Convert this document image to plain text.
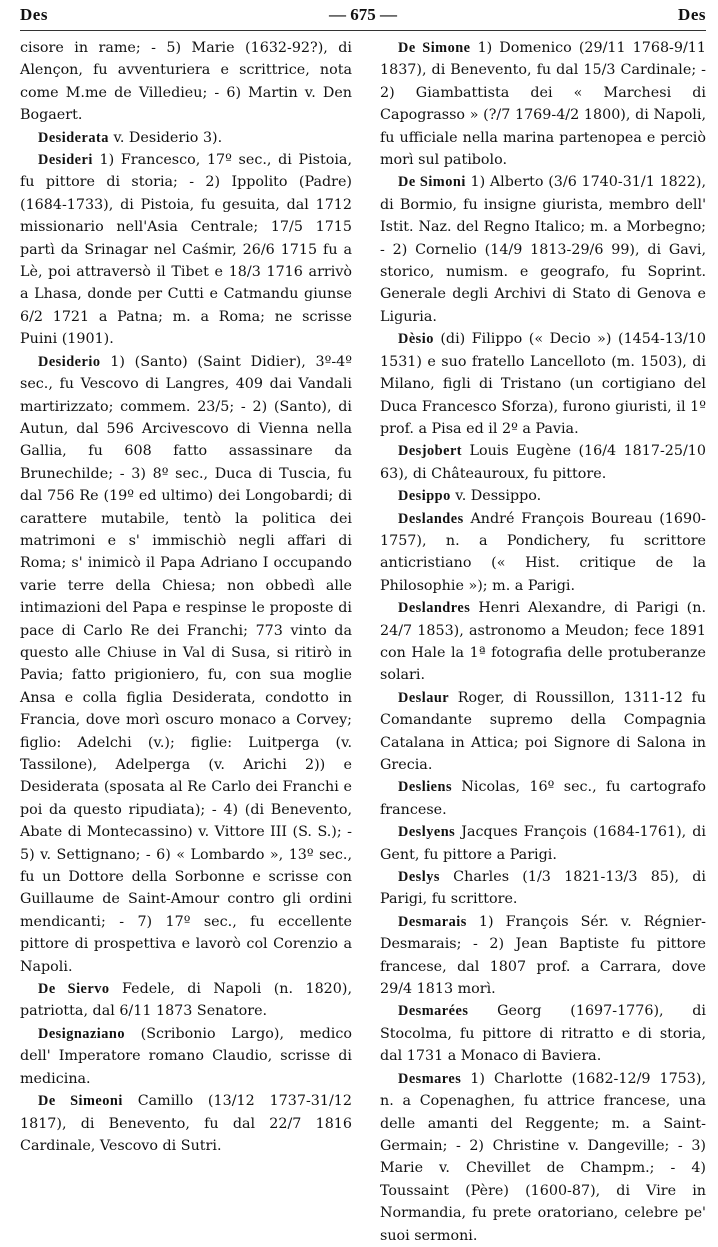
Des	— 675 —	Des

cisore in rame; - 5) Marie (1632-92?), di Alençon, fu avventuriera e scrittrice, nota come M.me de Villedieu; - 6) Martin v. Den Bogaert.

Desiderata v. Desiderio 3).

Desideri 1) Francesco, 17º sec., di Pistoia, fu pittore di storia; - 2) Ippolito (Padre) (1684-1733), di Pistoia, fu gesuita, dal 1712 missionario nell'Asia Centrale; 17/5 1715 partì da Srinagar nel Caśmir, 26/6 1715 fu a Lè, poi attraversò il Tibet e 18/3 1716 arrivò a Lhasa, donde per Cutti e Catmandu giunse 6/2 1721 a Patna; m. a Roma; ne scrisse Puini (1901).

Desiderio 1) (Santo) (Saint Didier), 3º-4º sec., fu Vescovo di Langres, 409 dai Vandali martirizzato; commem. 23/5; - 2) (Santo), di Autun, dal 596 Arcivescovo di Vienna nella Gallia, fu 608 fatto assassinare da Brunechilde; - 3) 8º sec., Duca di Tuscia, fu dal 756 Re (19º ed ultimo) dei Longobardi; di carattere mutabile, tentò la politica dei matrimoni e s' immischiò negli affari di Roma; s' inimicò il Papa Adriano I occupando varie terre della Chiesa; non obbedì alle intimazioni del Papa e respinse le proposte di pace di Carlo Re dei Franchi; 773 vinto da questo alle Chiuse in Val di Susa, si ritirò in Pavia; fatto prigioniero, fu, con sua moglie Ansa e colla figlia Desiderata, condotto in Francia, dove morì oscuro monaco a Corvey; figlio: Adelchi (v.); figlie: Luitperga (v. Tassilone), Adelperga (v. Arichi 2)) e Desiderata (sposata al Re Carlo dei Franchi e poi da questo ripudiata); - 4) (di Benevento, Abate di Montecassino) v. Vittore III (S. S.); - 5) v. Settignano; - 6) « Lombardo », 13º sec., fu un Dottore della Sorbonne e scrisse con Guillaume de Saint-Amour contro gli ordini mendicanti; - 7) 17º sec., fu eccellente pittore di prospettiva e lavorò col Corenzio a Napoli.

De Siervo Fedele, di Napoli (n. 1820), patriotta, dal 6/11 1873 Senatore.

Designaziano (Scribonio Largo), medico dell' Imperatore romano Claudio, scrisse di medicina.

De Simeoni Camillo (13/12 1737-31/12 1817), di Benevento, fu dal 22/7 1816 Cardinale, Vescovo di Sutri.

De Simone 1) Domenico (29/11 1768-9/11 1837), di Benevento, fu dal 15/3 Cardinale; - 2) Giambattista dei « Marchesi di Capograsso » (?/7 1769-4/2 1800), di Napoli, fu ufficiale nella marina partenopea e perciò morì sul patibolo.

De Simoni 1) Alberto (3/6 1740-31/1 1822), di Bormio, fu insigne giurista, membro dell' Istit. Naz. del Regno Italico; m. a Morbegno; - 2) Cornelio (14/9 1813-29/6 99), di Gavi, storico, numism. e geografo, fu Soprint. Generale degli Archivi di Stato di Genova e Liguria.

Dèsio (di) Filippo (« Decio ») (1454-13/10 1531) e suo fratello Lancelloto (m. 1503), di Milano, figli di Tristano (un cortigiano del Duca Francesco Sforza), furono giuristi, il 1º prof. a Pisa ed il 2º a Pavia.

Desjobert Louis Eugène (16/4 1817-25/10 63), di Châteauroux, fu pittore.

Desippo v. Dessippo.

Deslandes André François Boureau (1690-1757), n. a Pondichery, fu scrittore anticristiano (« Hist. critique de la Philosophie »); m. a Parigi.

Deslandres Henri Alexandre, di Parigi (n. 24/7 1853), astronomo a Meudon; fece 1891 con Hale la 1ª fotografia delle protuberanze solari.

Deslaur Roger, di Roussillon, 1311-12 fu Comandante supremo della Compagnia Catalana in Attica; poi Signore di Salona in Grecia.

Desliens Nicolas, 16º sec., fu cartografo francese.

Deslyens Jacques François (1684-1761), di Gent, fu pittore a Parigi.

Deslys Charles (1/3 1821-13/3 85), di Parigi, fu scrittore.

Desmarais 1) François Sér. v. Régnier-Desmarais; - 2) Jean Baptiste fu pittore francese, dal 1807 prof. a Carrara, dove 29/4 1813 morì.

Desmarées Georg (1697-1776), di Stocolma, fu pittore di ritratto e di storia, dal 1731 a Monaco di Baviera.

Desmares 1) Charlotte (1682-12/9 1753), n. a Copenaghen, fu attrice francese, una delle amanti del Reggente; m. a Saint-Germain; - 2) Christine v. Dangeville; - 3) Marie v. Chevillet de Champm.; - 4) Toussaint (Père) (1600-87), di Vire in Normandia, fu prete oratoriano, celebre pe' suoi sermoni.
